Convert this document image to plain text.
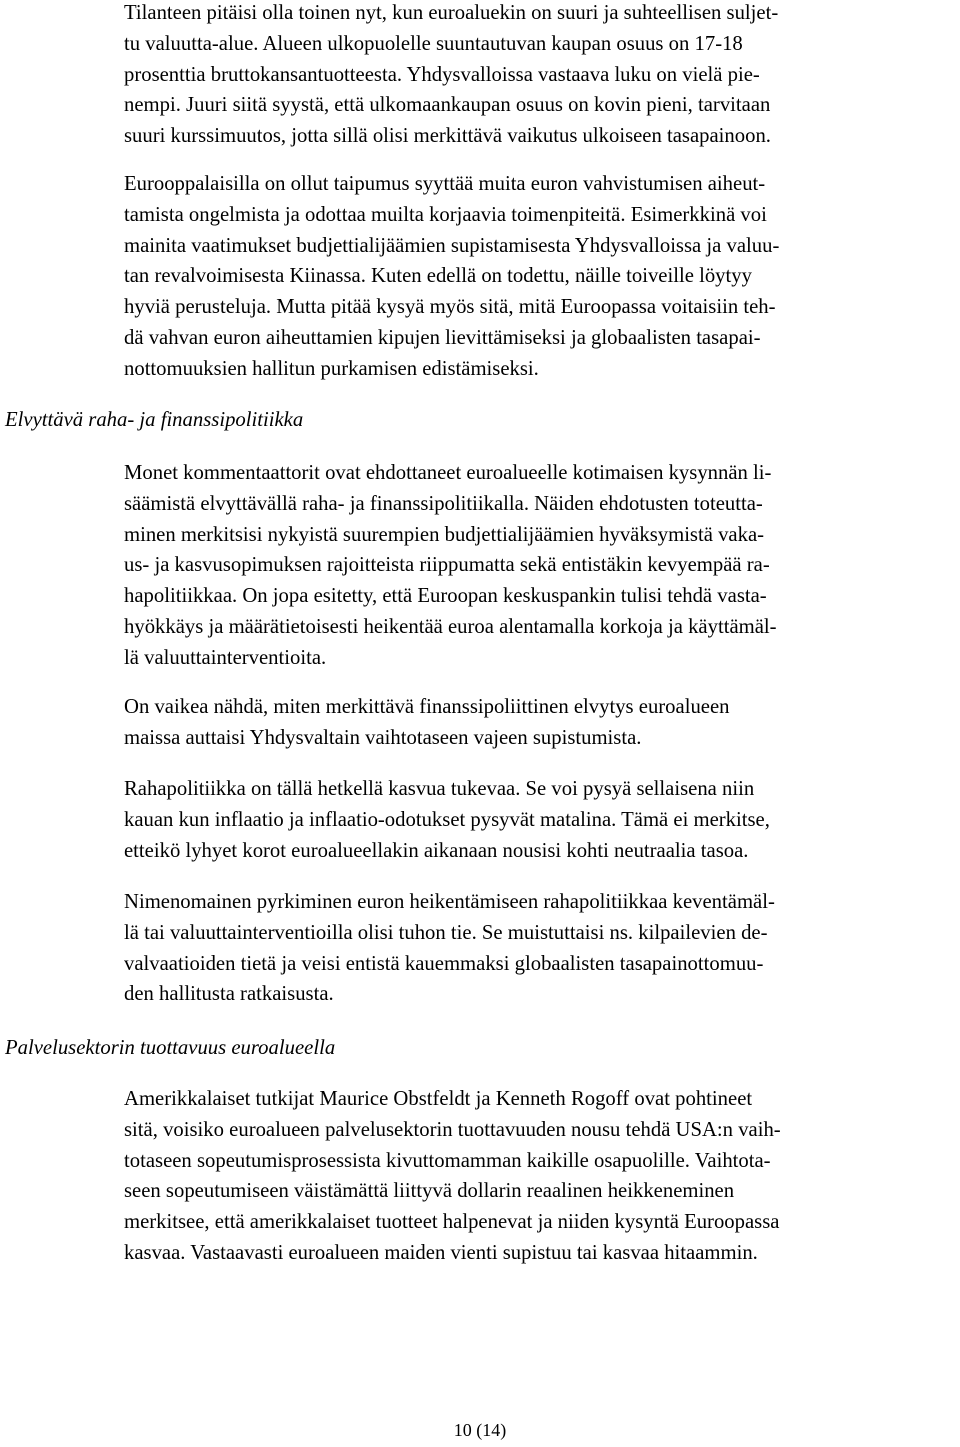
Tilanteen pitäisi olla toinen nyt, kun euroaluekin on suuri ja suhteellisen suljet-
tu valuutta-alue. Alueen ulkopuolelle suuntautuvan kaupan osuus on 17-18
prosenttia bruttokansantuotteesta. Yhdysvalloissa vastaava luku on vielä pie-
nempi. Juuri siitä syystä, että ulkomaankaupan osuus on kovin pieni, tarvitaan
suuri kurssimuutos, jotta sillä olisi merkittävä vaikutus ulkoiseen tasapainoon.

Eurooppalaisilla on ollut taipumus syyttää muita euron vahvistumisen aiheut-
tamista ongelmista ja odottaa muilta korjaavia toimenpiteitä. Esimerkkinä voi
mainita vaatimukset budjettialijäämien supistamisesta Yhdysvalloissa ja valuu-
tan revalvoimisesta Kiinassa. Kuten edellä on todettu, näille toiveille löytyy
hyviä perusteluja. Mutta pitää kysyä myös sitä, mitä Euroopassa voitaisiin teh-
dä vahvan euron aiheuttamien kipujen lievittämiseksi ja globaalisten tasapai-
nottomuuksien hallitun purkamisen edistämiseksi.

Elvyttävä raha- ja finanssipolitiikka

Monet kommentaattorit ovat ehdottaneet euroalueelle kotimaisen kysynnän li-
säämistä elvyttävällä raha- ja finanssipolitiikalla. Näiden ehdotusten toteutta-
minen merkitsisi nykyistä suurempien budjettialijäämien hyväksymistä vaka-
us- ja kasvusopimuksen rajoitteista riippumatta sekä entistäkin kevyempää ra-
hapolitiikkaa. On jopa esitetty, että Euroopan keskuspankin tulisi tehdä vasta-
hyökkäys ja määrätietoisesti heikentää euroa alentamalla korkoja ja käyttämäl-
lä valuuttainterventioita.

On vaikea nähdä, miten merkittävä finanssipoliittinen elvytys euroalueen
maissa auttaisi Yhdysvaltain vaihtotaseen vajeen supistumista.

Rahapolitiikka on tällä hetkellä kasvua tukevaa. Se voi pysyä sellaisena niin
kauan kun inflaatio ja inflaatio-odotukset pysyvät matalina. Tämä ei merkitse,
etteikö lyhyet korot euroalueellakin aikanaan nousisi kohti neutraalia tasoa.

Nimenomainen pyrkiminen euron heikentämiseen rahapolitiikkaa keventämäl-
lä tai valuuttainterventioilla olisi tuhon tie. Se muistuttaisi ns. kilpailevien de-
valvaatioiden tietä ja veisi entistä kauemmaksi globaalisten tasapainottomuu-
den hallitusta ratkaisusta.

Palvelusektorin tuottavuus euroalueella

Amerikkalaiset tutkijat Maurice Obstfeldt ja Kenneth Rogoff ovat pohtineet
sitä, voisiko euroalueen palvelusektorin tuottavuuden nousu tehdä USA:n vaih-
totaseen sopeutumisprosessista kivuttomamman kaikille osapuolille. Vaihtota-
seen sopeutumiseen väistämättä liittyvä dollarin reaalinen heikkeneminen
merkitsee, että amerikkalaiset tuotteet halpenevat ja niiden kysyntä Euroopassa
kasvaa. Vastaavasti euroalueen maiden vienti supistuu tai kasvaa hitaammin.

10 (14)
